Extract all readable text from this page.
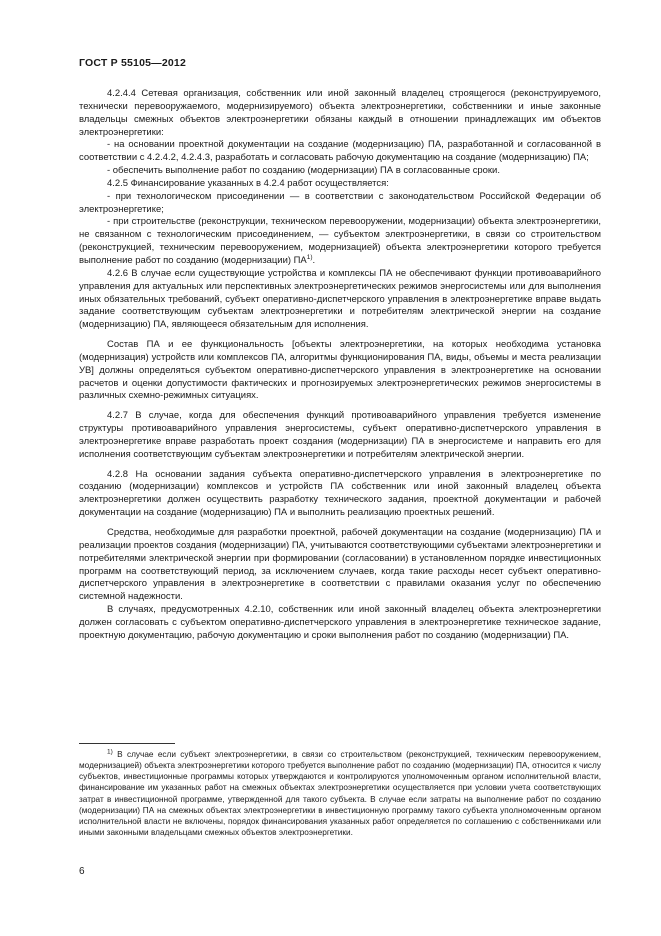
ГОСТ Р 55105—2012

4.2.4.4 Сетевая организация, собственник или иной законный владелец строящегося (реконструируемого, технически перевооружаемого, модернизируемого) объекта электроэнергетики, собственники и иные законные владельцы смежных объектов электроэнергетики обязаны каждый в отношении принадлежащих им объектов электроэнергетики:

- на основании проектной документации на создание (модернизацию) ПА, разработанной и согласованной в соответствии с 4.2.4.2, 4.2.4.3, разработать и согласовать рабочую документацию на создание (модернизацию) ПА;

- обеспечить выполнение работ по созданию (модернизации) ПА в согласованные сроки.

4.2.5 Финансирование указанных в 4.2.4 работ осуществляется:

- при технологическом присоединении — в соответствии с законодательством Российской Федерации об электроэнергетике;

- при строительстве (реконструкции, техническом перевооружении, модернизации) объекта электроэнергетики, не связанном с технологическим присоединением, — субъектом электроэнергетики, в связи со строительством (реконструкцией, техническим перевооружением, модернизацией) объекта электроэнергетики которого требуется выполнение работ по созданию (модернизации) ПА$^{1)}$.

4.2.6 В случае если существующие устройства и комплексы ПА не обеспечивают функции противоаварийного управления для актуальных или перспективных электроэнергетических режимов энергосистемы или для выполнения иных обязательных требований, субъект оперативно-диспетчерского управления в электроэнергетике вправе выдать задание соответствующим субъектам электроэнергетики и потребителям электрической энергии на создание (модернизацию) ПА, являющееся обязательным для исполнения.

Состав ПА и ее функциональность [объекты электроэнергетики, на которых необходима установка (модернизация) устройств или комплексов ПА, алгоритмы функционирования ПА, виды, объемы и места реализации УВ] должны определяться субъектом оперативно-диспетчерского управления в электроэнергетике на основании расчетов и оценки допустимости фактических и прогнозируемых электроэнергетических режимов энергосистемы в различных схемно-режимных ситуациях.

4.2.7 В случае, когда для обеспечения функций противоаварийного управления требуется изменение структуры противоаварийного управления энергосистемы, субъект оперативно-диспетчерского управления в электроэнергетике вправе разработать проект создания (модернизации) ПА в энергосистеме и направить его для исполнения соответствующим субъектам электроэнергетики и потребителям электрической энергии.

4.2.8 На основании задания субъекта оперативно-диспетчерского управления в электроэнергетике по созданию (модернизации) комплексов и устройств ПА собственник или иной законный владелец объекта электроэнергетики должен осуществить разработку технического задания, проектной документации и рабочей документации на создание (модернизацию) ПА и выполнить реализацию проектных решений.

Средства, необходимые для разработки проектной, рабочей документации на создание (модернизацию) ПА и реализации проектов создания (модернизации) ПА, учитываются соответствующими субъектами электроэнергетики и потребителями электрической энергии при формировании (согласовании) в установленном порядке инвестиционных программ на соответствующий период, за исключением случаев, когда такие расходы несет субъект оперативно-диспетчерского управления в электроэнергетике в соответствии с правилами оказания услуг по обеспечению системной надежности.

В случаях, предусмотренных 4.2.10, собственник или иной законный владелец объекта электроэнергетики должен согласовать с субъектом оперативно-диспетчерского управления в электроэнергетике техническое задание, проектную документацию, рабочую документацию и сроки выполнения работ по созданию (модернизации) ПА.

$^{1)}$ В случае если субъект электроэнергетики, в связи со строительством (реконструкцией, техническим перевооружением, модернизацией) объекта электроэнергетики которого требуется выполнение работ по созданию (модернизации) ПА, относится к числу субъектов, инвестиционные программы которых утверждаются и контролируются уполномоченным органом исполнительной власти, финансирование им указанных работ на смежных объектах электроэнергетики осуществляется при условии учета соответствующих затрат в инвестиционной программе, утвержденной для такого субъекта. В случае если затраты на выполнение работ по созданию (модернизации) ПА на смежных объектах электроэнергетики в инвестиционную программу такого субъекта уполномоченным органом исполнительной власти не включены, порядок финансирования указанных работ определяется по соглашению с собственниками или иными законными владельцами смежных объектов электроэнергетики.

6
